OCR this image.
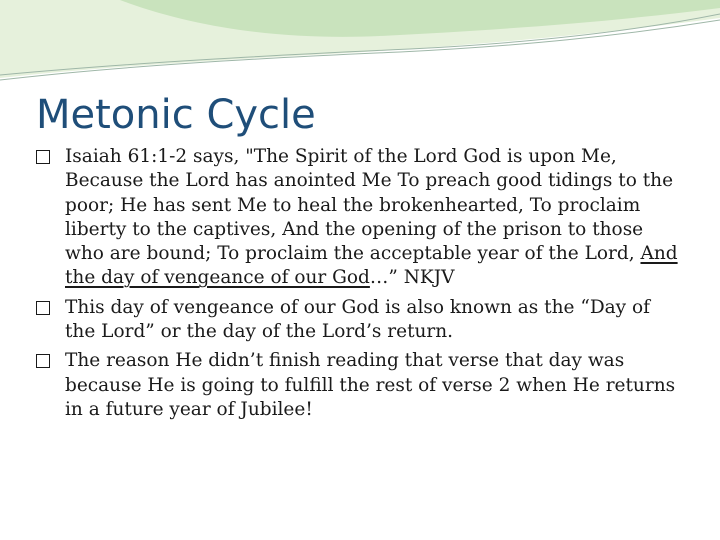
Metonic Cycle
Isaiah 61:1-2 says, "The Spirit of the Lord God is upon Me, Because the Lord has anointed Me To preach good tidings to the poor; He has sent Me to heal the brokenhearted, To proclaim liberty to the captives, And the opening of the prison to those who are bound; To proclaim the acceptable year of the Lord, And the day of vengeance of our God…” NKJV
This day of vengeance of our God is also known as the “Day of the Lord” or the day of the Lord’s return.
The reason He didn’t finish reading that verse that day was because He is going to fulfill the rest of verse 2 when He returns in a future year of Jubilee!
